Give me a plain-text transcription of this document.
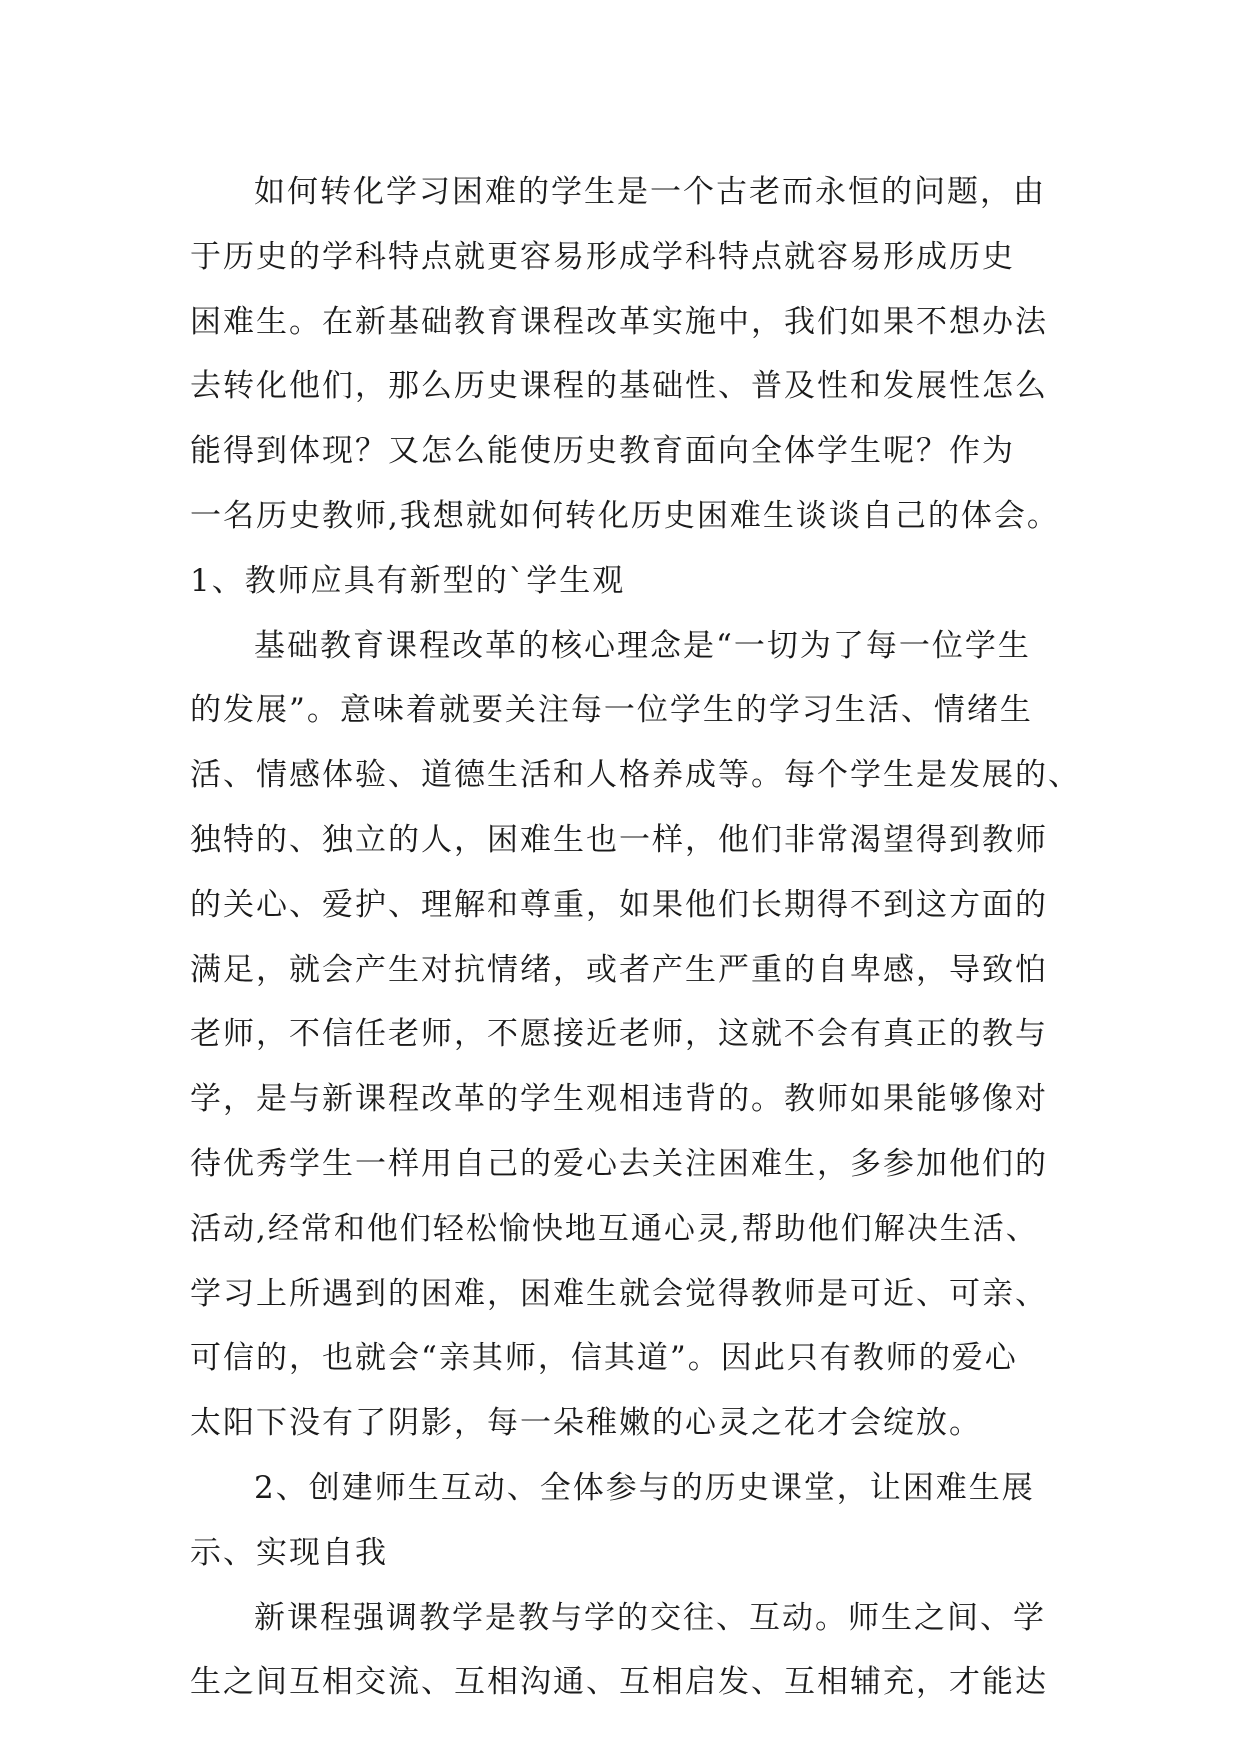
如何转化学习困难的学生是一个古老而永恒的问题，由
于历史的学科特点就更容易形成学科特点就容易形成历史
困难生。在新基础教育课程改革实施中，我们如果不想办法
去转化他们，那么历史课程的基础性、普及性和发展性怎么
能得到体现？又怎么能使历史教育面向全体学生呢？作为
一名历史教师,我想就如何转化历史困难生谈谈自己的体会。
1、教师应具有新型的`学生观
基础教育课程改革的核心理念是“一切为了每一位学生
的发展”。意味着就要关注每一位学生的学习生活、情绪生
活、情感体验、道德生活和人格养成等。每个学生是发展的、
独特的、独立的人，困难生也一样，他们非常渴望得到教师
的关心、爱护、理解和尊重，如果他们长期得不到这方面的
满足，就会产生对抗情绪，或者产生严重的自卑感，导致怕
老师，不信任老师，不愿接近老师，这就不会有真正的教与
学，是与新课程改革的学生观相违背的。教师如果能够像对
待优秀学生一样用自己的爱心去关注困难生，多参加他们的
活动,经常和他们轻松愉快地互通心灵,帮助他们解决生活、
学习上所遇到的困难，困难生就会觉得教师是可近、可亲、
可信的，也就会“亲其师，信其道”。因此只有教师的爱心
太阳下没有了阴影，每一朵稚嫩的心灵之花才会绽放。
2、创建师生互动、全体参与的历史课堂，让困难生展
示、实现自我
新课程强调教学是教与学的交往、互动。师生之间、学
生之间互相交流、互相沟通、互相启发、互相辅充，才能达
